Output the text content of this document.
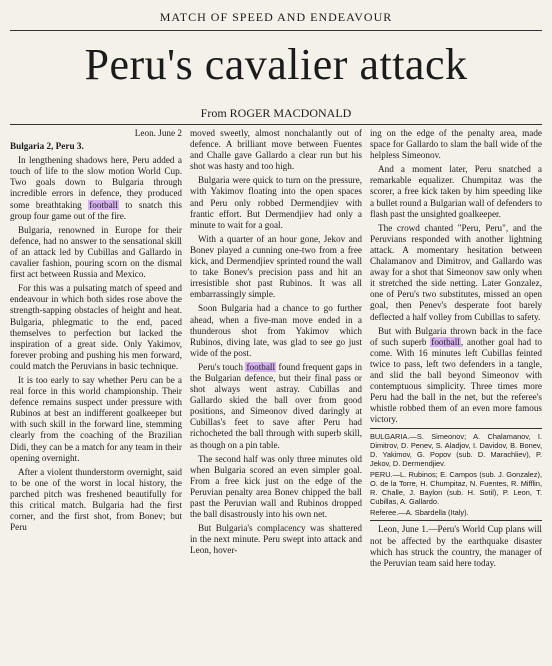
MATCH OF SPEED AND ENDEAVOUR
Peru's cavalier attack
From ROGER MACDONALD

Leon. June 2

Bulgaria 2, Peru 3.

In lengthening shadows here, Peru added a touch of life to the slow motion World Cup. Two goals down to Bulgaria through incredible errors in defence, they produced some breathtaking football to snatch this group four game out of the fire.

Bulgaria, renowned in Europe for their defence, had no answer to the sensational skill of an attack led by Cubillas and Gallardo in cavalier fashion, pouring scorn on the dismal first act between Russia and Mexico.

For this was a pulsating match of speed and endeavour in which both sides rose above the strength-sapping obstacles of height and heat. Bulgaria, phlegmatic to the end, paced themselves to perfection but lacked the inspiration of a great side. Only Yakimov, forever probing and pushing his men forward, could match the Peruvians in basic technique.

It is too early to say whether Peru can be a real force in this world championship. Their defence remains suspect under pressure with Rubinos at best an indifferent goalkeeper but with such skill in the forward line, stemming clearly from the coaching of the Brazilian Didi, they can be a match for any team in their opening overnight.

After a violent thunderstorm overnight, said to be one of the worst in local history, the parched pitch was freshened beautifully for this critical match. Bulgaria had the first corner, and the first shot, from Bonev; but Peru

moved sweetly, almost nonchalantly out of defence. A brilliant move between Fuentes and Challe gave Gallardo a clear run but his shot was hasty and too high.

Bulgaria were quick to turn on the pressure, with Yakimov floating into the open spaces and Peru only robbed Dermendjiev with frantic effort. But Dermendjiev had only a minute to wait for a goal.

With a quarter of an hour gone, Jekov and Bonev played a cunning one-two from a free kick, and Dermendjiev sprinted round the wall to take Bonev's precision pass and hit an irresistible shot past Rubinos. It was all embarrassingly simple.

Soon Bulgaria had a chance to go further ahead, when a five-man move ended in a thunderous shot from Yakimov which Rubinos, diving late, was glad to see go just wide of the post.

Peru's touch football found frequent gaps in the Bulgarian defence, but their final pass or shot always went astray. Cubillas and Gallardo skied the ball over from good positions, and Simeonov dived daringly at Cubillas's feet to save after Peru had richocheted the ball through with superb skill, as though on a pin table.

The second half was only three minutes old when Bulgaria scored an even simpler goal. From a free kick just on the edge of the Peruvian penalty area Bonev chipped the ball past the Peruvian wall and Rubinos dropped the ball disastrously into his own net.

But Bulgaria's complacency was shattered in the next minute. Peru swept into attack and Leon, hover-

ing on the edge of the penalty area, made space for Gallardo to slam the ball wide of the helpless Simeonov.

And a moment later, Peru snatched a remarkable equalizer. Chumpitaz was the scorer, a free kick taken by him speeding like a bullet round a Bulgarian wall of defenders to flash past the unsighted goalkeeper.

The crowd chanted "Peru, Peru", and the Peruvians responded with another lightning attack. A momentary hesitation between Chalamanov and Dimitrov, and Gallardo was away for a shot that Simeonov saw only when it stretched the side netting. Later Gonzalez, one of Peru's two substitutes, missed an open goal, then Penev's desperate foot barely deflected a half volley from Cubillas to safety.

But with Bulgaria thrown back in the face of such superb football, another goal had to come. With 16 minutes left Cubillas feinted twice to pass, left two defenders in a tangle, and slid the ball beyond Simeonov with contemptuous simplicity. Three times more Peru had the ball in the net, but the referee's whistle robbed them of an even more famous victory.

BULGARIA.—S. Simeonov; A. Chalamanov, I. Dimitrov, D. Penev, S. Aladjov, I. Davidov, B. Bonev, D. Yakimov, G. Popov (sub. D. Marachliev), P. Jekov, D. Dermendjiev.

PERU.—L. Rubinos; E. Campos (sub. J. Gonzalez), O. de la Torre, H. Chumpitaz, N. Fuentes, R. Mifflin, R. Challe, J. Baylon (sub. H. Sotil), P. Leon, T. Cubillas, A. Gallardo.

Referee.—A. Sbardella (Italy).

Leon, June 1.—Peru's World Cup plans will not be affected by the earthquake disaster which has struck the country, the manager of the Peruvian team said here today.
